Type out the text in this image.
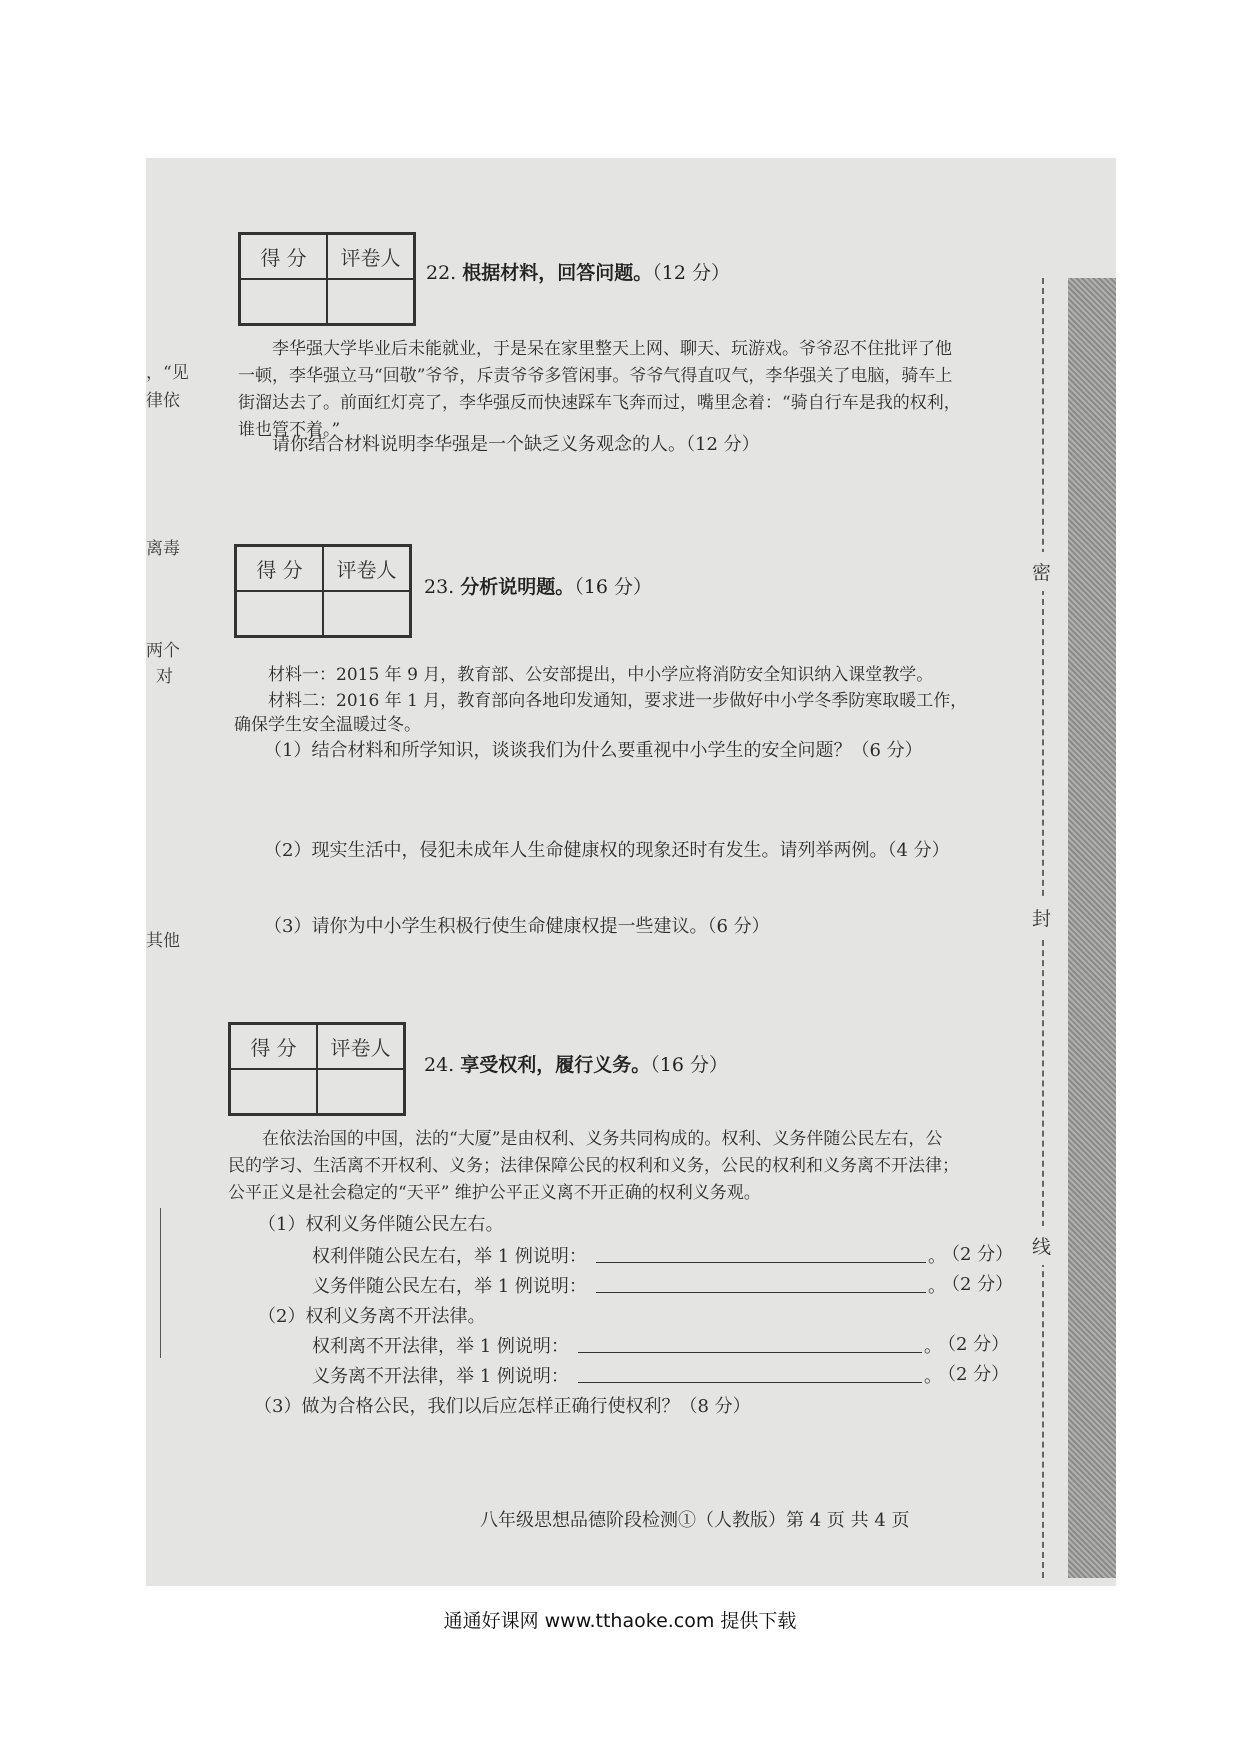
，“见
律依
离毒
两个
对
其他
得 分	评卷人
22. 根据材料，回答问题。（12 分）
李华强大学毕业后未能就业，于是呆在家里整天上网、聊天、玩游戏。爷爷忍不住批评了他
一顿，李华强立马“回敬”爷爷，斥责爷爷多管闲事。爷爷气得直叹气，李华强关了电脑，骑车上
街溜达去了。前面红灯亮了，李华强反而快速踩车飞奔而过，嘴里念着：“骑自行车是我的权利，
谁也管不着。”
请你结合材料说明李华强是一个缺乏义务观念的人。（12 分）
得 分	评卷人
23. 分析说明题。（16 分）
材料一：2015 年 9 月，教育部、公安部提出，中小学应将消防安全知识纳入课堂教学。
材料二：2016 年 1 月，教育部向各地印发通知，要求进一步做好中小学冬季防寒取暖工作，
确保学生安全温暖过冬。
（1）结合材料和所学知识，谈谈我们为什么要重视中小学生的安全问题？（6 分）
（2）现实生活中，侵犯未成年人生命健康权的现象还时有发生。请列举两例。（4 分）
（3）请你为中小学生积极行使生命健康权提一些建议。（6 分）
得 分	评卷人
24. 享受权利，履行义务。（16 分）
在依法治国的中国，法的“大厦”是由权利、义务共同构成的。权利、义务伴随公民左右，公
民的学习、生活离不开权利、义务；法律保障公民的权利和义务，公民的权利和义务离不开法律；
公平正义是社会稳定的“天平” 维护公平正义离不开正确的权利义务观。
（1）权利义务伴随公民左右。
权利伴随公民左右，举 1 例说明：	。
（2 分）
义务伴随公民左右，举 1 例说明：	。
（2 分）
（2）权利义务离不开法律。
权利离不开法律，举 1 例说明：	。
（2 分）
义务离不开法律，举 1 例说明：	。
（2 分）
（3）做为合格公民，我们以后应怎样正确行使权利？（8 分）
八年级思想品德阶段检测①（人教版）第 4 页 共 4 页
密
封
线
通通好课网 www.tthaoke.com 提供下载
